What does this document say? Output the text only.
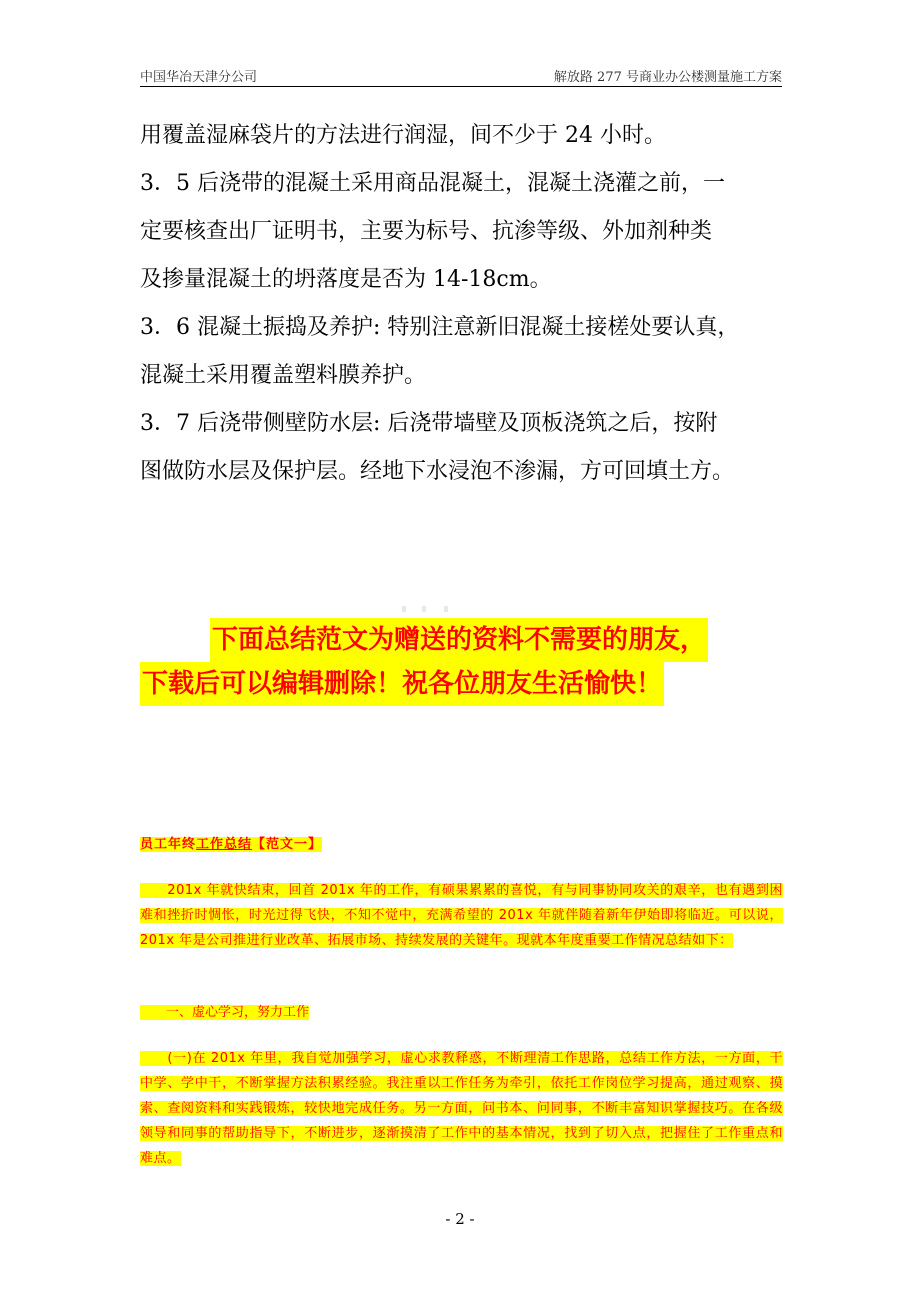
中国华冶天津分公司	解放路 277 号商业办公楼测量施工方案

用覆盖湿麻袋片的方法进行润湿，间不少于 24 小时。

3．5 后浇带的混凝土采用商品混凝土，混凝土浇灌之前，一

定要核查出厂证明书，主要为标号、抗渗等级、外加剂种类

及掺量混凝土的坍落度是否为 14-18cm。

3．6 混凝土振捣及养护: 特别注意新旧混凝土接槎处要认真，

混凝土采用覆盖塑料膜养护。

3．7 后浇带侧壁防水层: 后浇带墙壁及顶板浇筑之后，按附

图做防水层及保护层。经地下水浸泡不渗漏，方可回填土方。

下面总结范文为赠送的资料不需要的朋友，
下载后可以编辑删除！祝各位朋友生活愉快！
员工年终工作总结【范文一】
　　201x 年就快结束，回首 201x 年的工作，有硕果累累的喜悦，有与同事协同攻关的艰辛，也有遇到困难和挫折时惆怅，时光过得飞快，不知不觉中，充满希望的 201x 年就伴随着新年伊始即将临近。可以说，201x 年是公司推进行业改革、拓展市场、持续发展的关键年。现就本年度重要工作情况总结如下：
　　一、虚心学习，努力工作
　　(一)在 201x 年里，我自觉加强学习，虚心求教释惑，不断理清工作思路，总结工作方法，一方面，干中学、学中干，不断掌握方法积累经验。我注重以工作任务为牵引，依托工作岗位学习提高，通过观察、摸索、查阅资料和实践锻炼，较快地完成任务。另一方面，问书本、问同事，不断丰富知识掌握技巧。在各级领导和同事的帮助指导下，不断进步，逐渐摸清了工作中的基本情况，找到了切入点，把握住了工作重点和难点。
- 2 -
